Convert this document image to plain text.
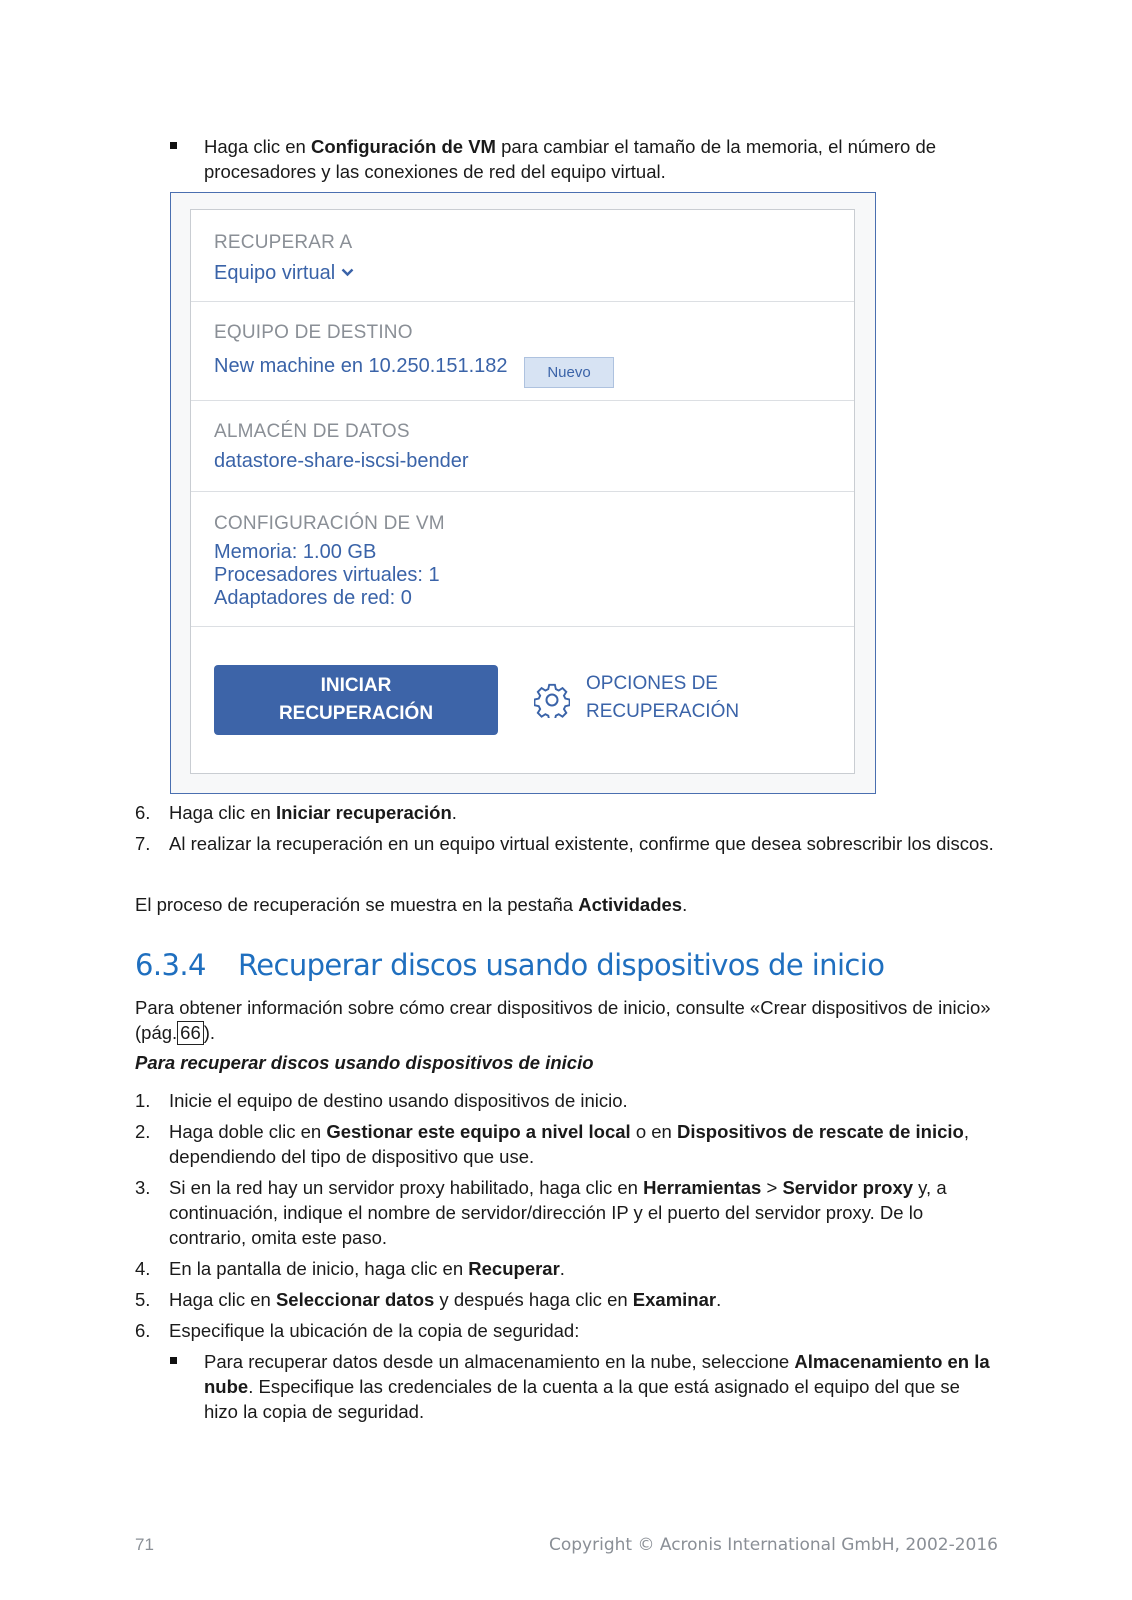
Haga clic en Configuración de VM para cambiar el tamaño de la memoria, el número de procesadores y las conexiones de red del equipo virtual.

RECUPERAR A
Equipo virtual
EQUIPO DE DESTINO
New machine en 10.250.151.182	Nuevo
ALMACÉN DE DATOS
datastore-share-iscsi-bender
CONFIGURACIÓN DE VM
Memoria: 1.00 GB
Procesadores virtuales: 1
Adaptadores de red: 0
INICIAR
RECUPERACIÓN
OPCIONES DE
RECUPERACIÓN
6. Haga clic en Iniciar recuperación.

7. Al realizar la recuperación en un equipo virtual existente, confirme que desea sobrescribir los discos.

El proceso de recuperación se muestra en la pestaña Actividades.
6.3.4 Recuperar discos usando dispositivos de inicio
Para obtener información sobre cómo crear dispositivos de inicio, consulte «Crear dispositivos de inicio» (pág. 66 ).
Para recuperar discos usando dispositivos de inicio
1. Inicie el equipo de destino usando dispositivos de inicio.

2. Haga doble clic en Gestionar este equipo a nivel local o en Dispositivos de rescate de inicio, dependiendo del tipo de dispositivo que use.

3. Si en la red hay un servidor proxy habilitado, haga clic en Herramientas > Servidor proxy y, a continuación, indique el nombre de servidor/dirección IP y el puerto del servidor proxy. De lo contrario, omita este paso.

4. En la pantalla de inicio, haga clic en Recuperar.

5. Haga clic en Seleccionar datos y después haga clic en Examinar.

6. Especifique la ubicación de la copia de seguridad:

Para recuperar datos desde un almacenamiento en la nube, seleccione Almacenamiento en la nube. Especifique las credenciales de la cuenta a la que está asignado el equipo del que se hizo la copia de seguridad.

71	Copyright © Acronis International GmbH, 2002-2016
